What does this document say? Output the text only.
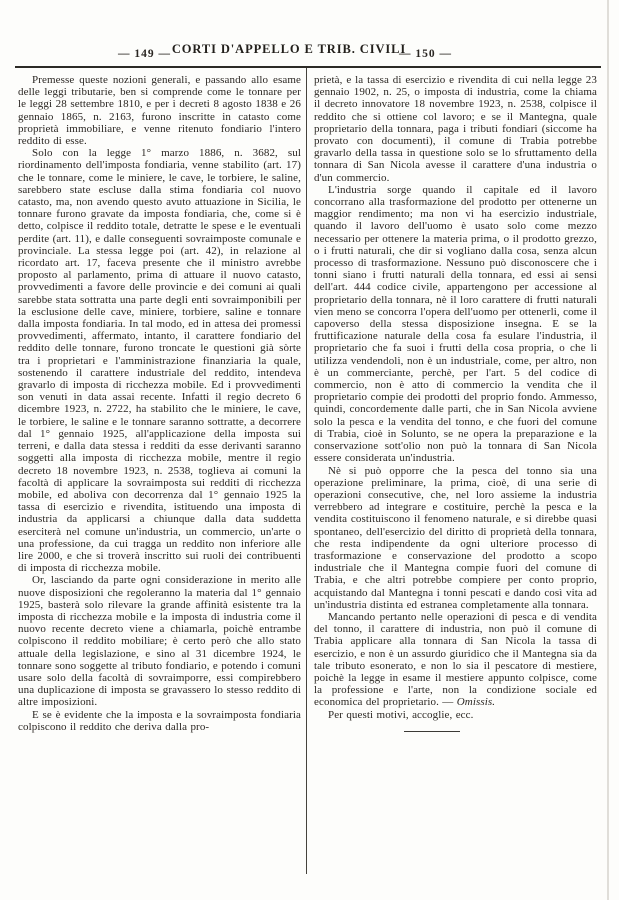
— 149 — CORTI D'APPELLO E TRIB. CIVILI
— 150 —

Premesse queste nozioni generali, e passando allo esame delle leggi tributarie, ben si comprende come le tonnare per le leggi 28 settembre 1810, e per i decreti 8 agosto 1838 e 26 gennaio 1865, n. 2163, furono inscritte in catasto come proprietà immobiliare, e venne ritenuto fondiario l'intero reddito di esse.

Solo con la legge 1° marzo 1886, n. 3682, sul riordinamento dell'imposta fondiaria, venne stabilito (art. 17) che le tonnare, come le miniere, le cave, le torbiere, le saline, sarebbero state escluse dalla stima fondiaria col nuovo catasto, ma, non avendo questo avuto attuazione in Sicilia, le tonnare furono gravate da imposta fondiaria, che, come si è detto, colpisce il reddito totale, detratte le spese e le eventuali perdite (art. 11), e dalle conseguenti sovraimposte comunale e provinciale. La stessa legge poi (art. 42), in relazione al ricordato art. 17, faceva presente che il ministro avrebbe proposto al parlamento, prima di attuare il nuovo catasto, provvedimenti a favore delle provincie e dei comuni ai quali sarebbe stata sottratta una parte degli enti sovraimponibili per la esclusione delle cave, miniere, torbiere, saline e tonnare dalla imposta fondiaria. In tal modo, ed in attesa dei promessi provvedimenti, affermato, intanto, il carattere fondiario del reddito delle tonnare, furono troncate le questioni già sòrte tra i proprietari e l'amministrazione finanziaria la quale, sostenendo il carattere industriale del reddito, intendeva gravarlo di imposta di ricchezza mobile. Ed i provvedimenti son venuti in data assai recente. Infatti il regio decreto 6 dicembre 1923, n. 2722, ha stabilito che le miniere, le cave, le torbiere, le saline e le tonnare saranno sottratte, a decorrere dal 1° gennaio 1925, all'applicazione della imposta sui terreni, e dalla data stessa i redditi da esse derivanti saranno soggetti alla imposta di ricchezza mobile, mentre il regio decreto 18 novembre 1923, n. 2538, toglieva ai comuni la facoltà di applicare la sovraimposta sui redditi di ricchezza mobile, ed aboliva con decorrenza dal 1° gennaio 1925 la tassa di esercizio e rivendita, istituendo una imposta di industria da applicarsi a chiunque dalla data suddetta eserciterà nel comune un'industria, un commercio, un'arte o una professione, da cui tragga un reddito non inferiore alle lire 2000, e che si troverà inscritto sui ruoli dei contribuenti di imposta di ricchezza mobile.

Or, lasciando da parte ogni considerazione in merito alle nuove disposizioni che regoleranno la materia dal 1° gennaio 1925, basterà solo rilevare la grande affinità esistente tra la imposta di ricchezza mobile e la imposta di industria come il nuovo recente decreto viene a chiamarla, poichè entrambe colpiscono il reddito mobiliare; è certo però che allo stato attuale della legislazione, e sino al 31 dicembre 1924, le tonnare sono soggette al tributo fondiario, e potendo i comuni usare solo della facoltà di sovraimporre, essi compirebbero una duplicazione di imposta se gravassero lo stesso reddito di altre imposizioni.

E se è evidente che la imposta e la sovraimposta fondiaria colpiscono il reddito che deriva dalla pro-

prietà, e la tassa di esercizio e rivendita di cui nella legge 23 gennaio 1902, n. 25, o imposta di industria, come la chiama il decreto innovatore 18 novembre 1923, n. 2538, colpisce il reddito che si ottiene col lavoro; e se il Mantegna, quale proprietario della tonnara, paga i tributi fondiari (siccome ha provato con documenti), il comune di Trabia potrebbe gravarlo della tassa in questione solo se lo sfruttamento della tonnara di San Nicola avesse il carattere d'una industria o d'un commercio.

L'industria sorge quando il capitale ed il lavoro concorrano alla trasformazione del prodotto per ottenerne un maggior rendimento; ma non vi ha esercizio industriale, quando il lavoro dell'uomo è usato solo come mezzo necessario per ottenere la materia prima, o il prodotto grezzo, o i frutti naturali, che dir si vogliano dalla cosa, senza alcun processo di trasformazione. Nessuno può disconoscere che i tonni siano i frutti naturali della tonnara, ed essi ai sensi dell'art. 444 codice civile, appartengono per accessione al proprietario della tonnara, nè il loro carattere di frutti naturali vien meno se concorra l'opera dell'uomo per ottenerli, come il capoverso della stessa disposizione insegna. E se la fruttificazione naturale della cosa fa esulare l'industria, il proprietario che fa suoi i frutti della cosa propria, o che li utilizza vendendoli, non è un industriale, come, per altro, non è un commerciante, perchè, per l'art. 5 del codice di commercio, non è atto di commercio la vendita che il proprietario compie dei prodotti del proprio fondo. Ammesso, quindi, concordemente dalle parti, che in San Nicola avviene solo la pesca e la vendita del tonno, e che fuori del comune di Trabia, cioè in Solunto, se ne opera la preparazione e la conservazione sott'olio non può la tonnara di San Nicola essere considerata un'industria.

Nè si può opporre che la pesca del tonno sia una operazione preliminare, la prima, cioè, di una serie di operazioni consecutive, che, nel loro assieme la industria verrebbero ad integrare e costituire, perchè la pesca e la vendita costituiscono il fenomeno naturale, e si direbbe quasi spontaneo, dell'esercizio del diritto di proprietà della tonnara, che resta indipendente da ogni ulteriore processo di trasformazione e conservazione del prodotto a scopo industriale che il Mantegna compie fuori del comune di Trabia, e che altri potrebbe compiere per conto proprio, acquistando dal Mantegna i tonni pescati e dando così vita ad un'industria distinta ed estranea completamente alla tonnara.

Mancando pertanto nelle operazioni di pesca e di vendita del tonno, il carattere di industria, non può il comune di Trabia applicare alla tonnara di San Nicola la tassa di esercizio, e non è un assurdo giuridico che il Mantegna sia da tale tributo esonerato, e non lo sia il pescatore di mestiere, poichè la legge in esame il mestiere appunto colpisce, come la professione e l'arte, non la condizione sociale ed economica del proprietario. — Omissis.

Per questi motivi, accoglie, ecc.
